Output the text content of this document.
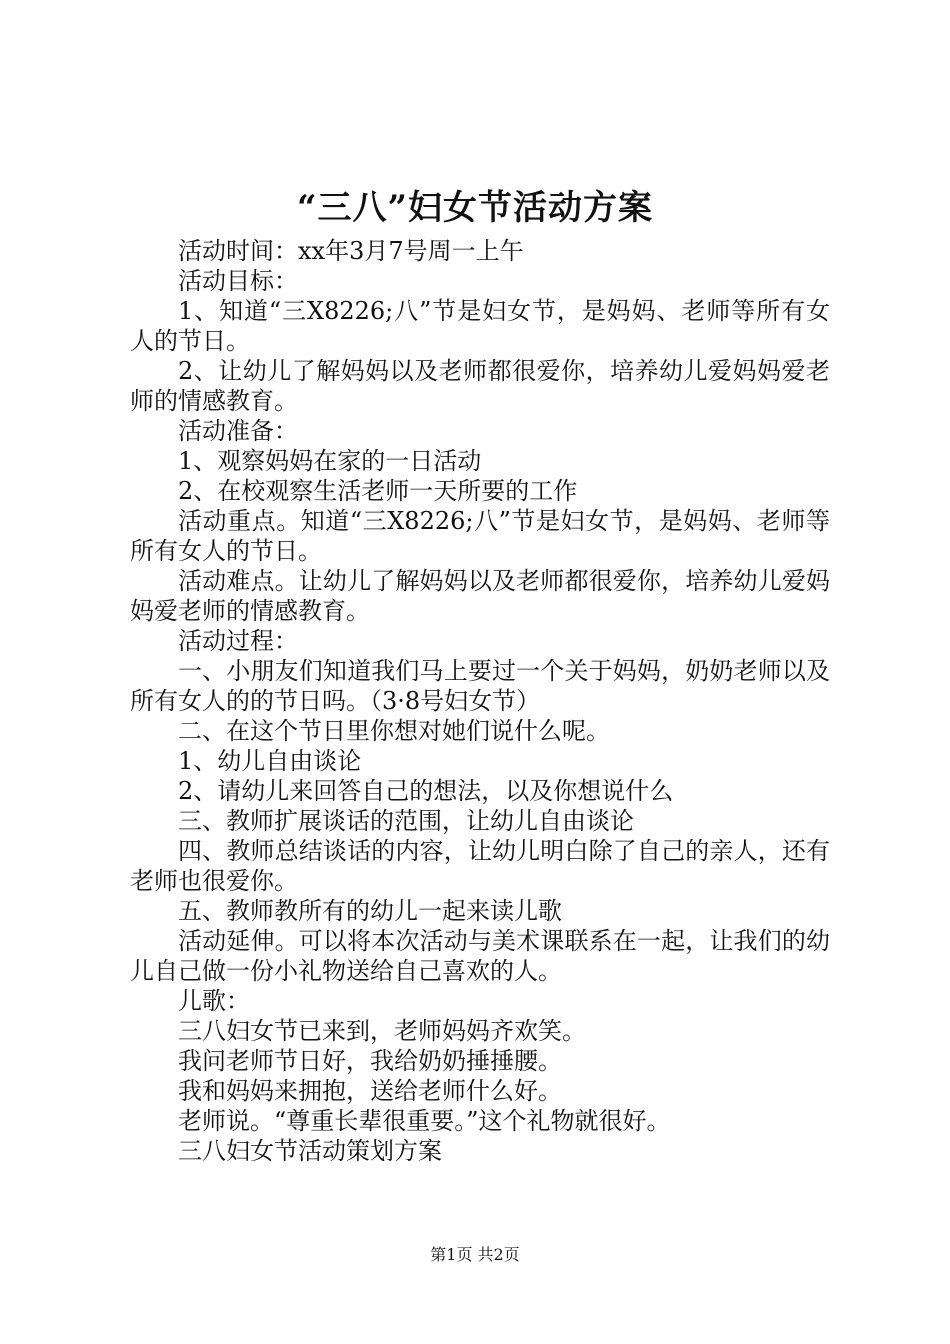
“三八”妇女节活动方案

活动时间：xx年3月7号周一上午

活动目标：

1、知道“三X8226;八”节是妇女节，是妈妈、老师等所有女人的节日。

2、让幼儿了解妈妈以及老师都很爱你，培养幼儿爱妈妈爱老师的情感教育。

活动准备：

1、观察妈妈在家的一日活动

2、在校观察生活老师一天所要的工作

活动重点。知道“三X8226;八”节是妇女节，是妈妈、老师等所有女人的节日。

活动难点。让幼儿了解妈妈以及老师都很爱你，培养幼儿爱妈妈爱老师的情感教育。

活动过程：

一、小朋友们知道我们马上要过一个关于妈妈，奶奶老师以及所有女人的的节日吗。（3·8号妇女节）

二、在这个节日里你想对她们说什么呢。

1、幼儿自由谈论

2、请幼儿来回答自己的想法，以及你想说什么

三、教师扩展谈话的范围，让幼儿自由谈论

四、教师总结谈话的内容，让幼儿明白除了自己的亲人，还有老师也很爱你。

五、教师教所有的幼儿一起来读儿歌

活动延伸。可以将本次活动与美术课联系在一起，让我们的幼儿自己做一份小礼物送给自己喜欢的人。

儿歌：

三八妇女节已来到，老师妈妈齐欢笑。

我问老师节日好，我给奶奶捶捶腰。

我和妈妈来拥抱，送给老师什么好。

老师说。“尊重长辈很重要。”这个礼物就很好。

三八妇女节活动策划方案

第1页 共2页
